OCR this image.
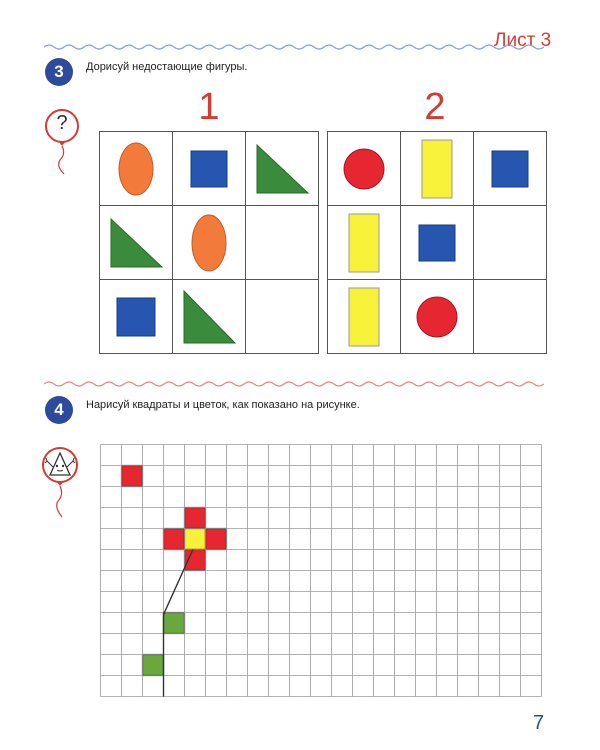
Лист 3
3	Дорисуй недостающие фигуры.
?	1	2

4	Нарисуй квадраты и цветок, как показано на рисунке.
7
